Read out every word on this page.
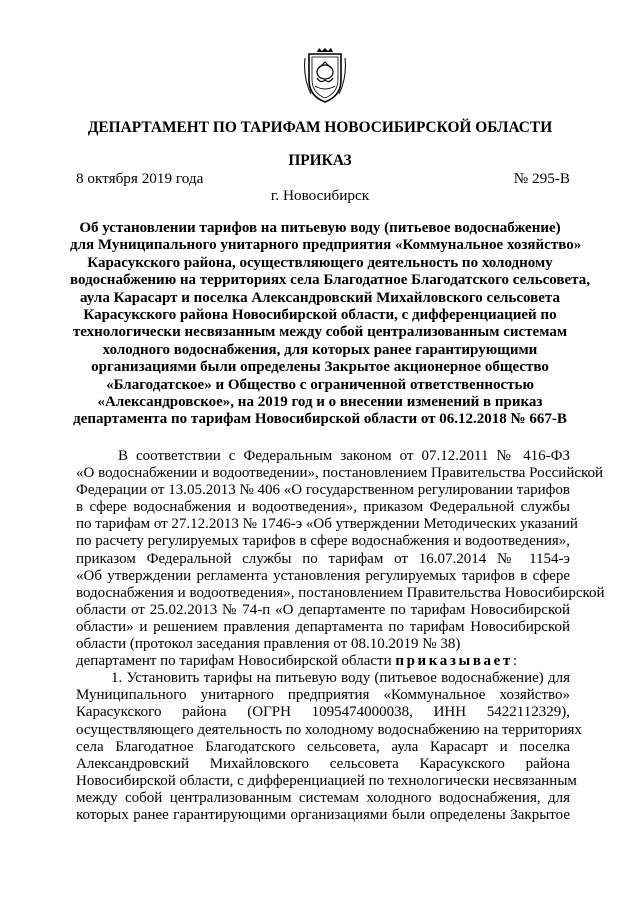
ДЕПАРТАМЕНТ ПО ТАРИФАМ НОВОСИБИРСКОЙ ОБЛАСТИ
ПРИКАЗ
8 октября 2019 года	№ 295-В
г. Новосибирск
Об установлении тарифов на питьевую воду (питьевое водоснабжение)
для Муниципального унитарного предприятия «Коммунальное хозяйство»
Карасукского района, осуществляющего деятельность по холодному
водоснабжению на территориях села Благодатное Благодатского сельсовета,
аула Карасарт и поселка Александровский Михайловского сельсовета
Карасукского района Новосибирской области, с дифференциацией по
технологически несвязанным между собой централизованным системам
холодного водоснабжения, для которых ранее гарантирующими
организациями были определены Закрытое акционерное общество
«Благодатское» и Общество с ограниченной ответственностью
«Александровское», на 2019 год и о внесении изменений в приказ
департамента по тарифам Новосибирской области от 06.12.2018 № 667-В
В соответствии с Федеральным законом от 07.12.2011 № 416-ФЗ
«О водоснабжении и водоотведении», постановлением Правительства Российской
Федерации от 13.05.2013 № 406 «О государственном регулировании тарифов
в сфере водоснабжения и водоотведения», приказом Федеральной службы
по тарифам от 27.12.2013 № 1746-э «Об утверждении Методических указаний
по расчету регулируемых тарифов в сфере водоснабжения и водоотведения»,
приказом Федеральной службы по тарифам от 16.07.2014 № 1154-э
«Об утверждении регламента установления регулируемых тарифов в сфере
водоснабжения и водоотведения», постановлением Правительства Новосибирской
области от 25.02.2013 № 74-п «О департаменте по тарифам Новосибирской
области» и решением правления департамента по тарифам Новосибирской
области (протокол заседания правления от 08.10.2019 № 38)
департамент по тарифам Новосибирской области приказывает:
1. Установить тарифы на питьевую воду (питьевое водоснабжение) для
Муниципального унитарного предприятия «Коммунальное хозяйство»
Карасукского района (ОГРН 1095474000038, ИНН 5422112329),
осуществляющего деятельность по холодному водоснабжению на территориях
села Благодатное Благодатского сельсовета, аула Карасарт и поселка
Александровский Михайловского сельсовета Карасукского района
Новосибирской области, с дифференциацией по технологически несвязанным
между собой централизованным системам холодного водоснабжения, для
которых ранее гарантирующими организациями были определены Закрытое
